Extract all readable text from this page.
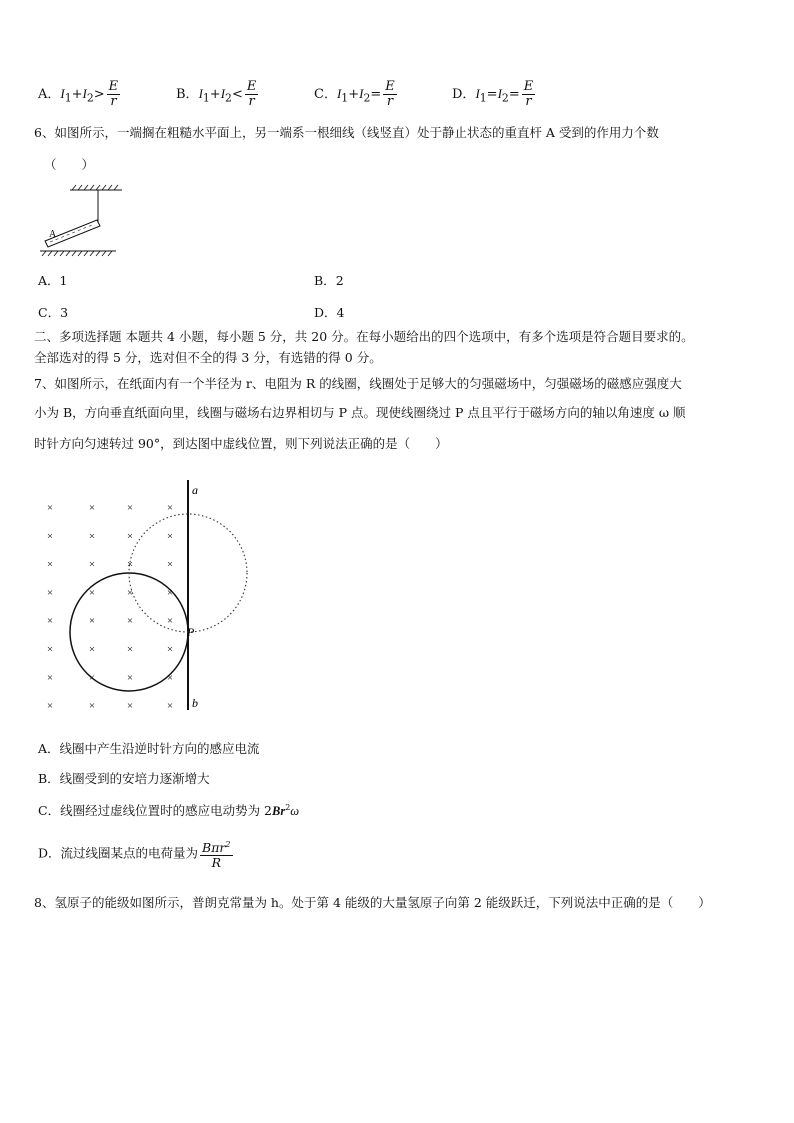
A．$I_1+I_2> \frac{E}{r}$	B．$I_1+I_2< \frac{E}{r}$	C．$I_1+I_2= \frac{E}{r}$	D．$I_1=I_2= \frac{E}{r}$
6、如图所示，一端搁在粗糙水平面上，另一端系一根细线（线竖直）处于静止状态的重直杆 A 受到的作用力个数
（　　）
A
A．1	B．2
C．3	D．4
二、多项选择题 本题共 4 小题，每小题 5 分，共 20 分。在每小题给出的四个选项中，有多个选项是符合题目要求的。
全部选对的得 5 分，选对但不全的得 3 分，有选错的得 0 分。
7、如图所示，在纸面内有一个半径为 r、电阻为 R 的线圈，线圈处于足够大的匀强磁场中，匀强磁场的磁感应强度大
小为 B，方向垂直纸面向里，线圈与磁场右边界相切与 P 点。现使线圈绕过 P 点且平行于磁场方向的轴以角速度 ω 顺
时针方向匀速转过 90°，到达图中虚线位置，则下列说法正确的是（　　）
×	×	×	×
×	×	×	×
×	×	×	×
×	×	×	×
×	×	×	×
×	×	×	×
×	×	×	×
×	×	×	×
a
b
P
A．线圈中产生沿逆时针方向的感应电流
B．线圈受到的安培力逐渐增大
C．线圈经过虚线位置时的感应电动势为 2Br$^2$ω
D．流过线圈某点的电荷量为 $\frac{B\pi r^2}{R}$
8、氢原子的能级如图所示，普朗克常量为 h。处于第 4 能级的大量氢原子向第 2 能级跃迁，下列说法中正确的是（　　）
